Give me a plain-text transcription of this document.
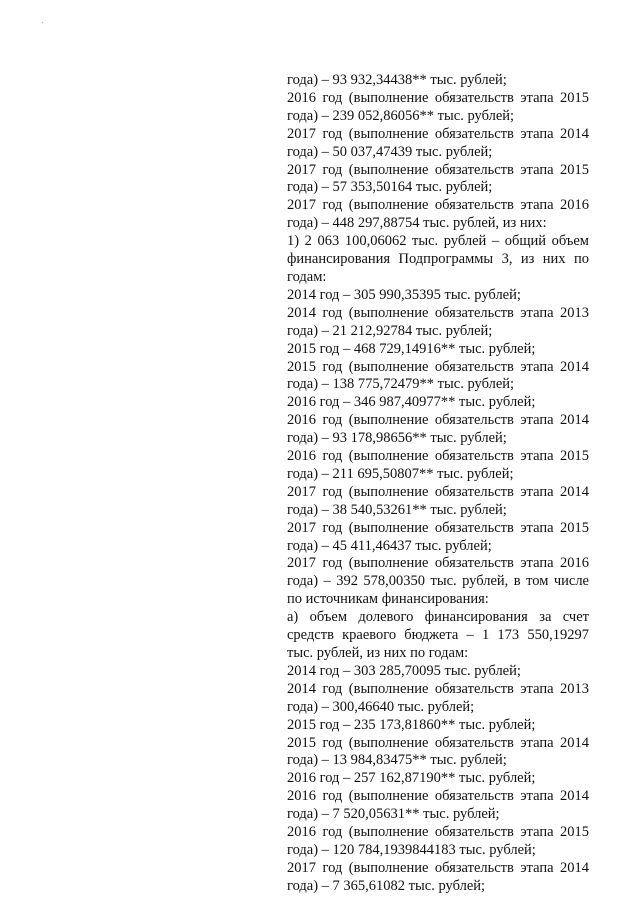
года) – 93 932,34438** тыс. рублей;
2016 год (выполнение обязательств этапа 2015
года) – 239 052,86056** тыс. рублей;
2017 год (выполнение обязательств этапа 2014
года) – 50 037,47439 тыс. рублей;
2017 год (выполнение обязательств этапа 2015
года) – 57 353,50164 тыс. рублей;
2017 год (выполнение обязательств этапа 2016
года) – 448 297,88754 тыс. рублей, из них:
1) 2 063 100,06062 тыс. рублей – общий объем
финансирования Подпрограммы 3, из них по
годам:
2014 год – 305 990,35395 тыс. рублей;
2014 год (выполнение обязательств этапа 2013
года) – 21 212,92784 тыс. рублей;
2015 год – 468 729,14916** тыс. рублей;
2015 год (выполнение обязательств этапа 2014
года) – 138 775,72479** тыс. рублей;
2016 год – 346 987,40977** тыс. рублей;
2016 год (выполнение обязательств этапа 2014
года) – 93 178,98656** тыс. рублей;
2016 год (выполнение обязательств этапа 2015
года) – 211 695,50807** тыс. рублей;
2017 год (выполнение обязательств этапа 2014
года) – 38 540,53261** тыс. рублей;
2017 год (выполнение обязательств этапа 2015
года) – 45 411,46437 тыс. рублей;
2017 год (выполнение обязательств этапа 2016
года) – 392 578,00350 тыс. рублей, в том числе
по источникам финансирования:
а) объем долевого финансирования за счет
средств краевого бюджета – 1 173 550,19297
тыс. рублей, из них по годам:
2014 год – 303 285,70095 тыс. рублей;
2014 год (выполнение обязательств этапа 2013
года) – 300,46640 тыс. рублей;
2015 год – 235 173,81860** тыс. рублей;
2015 год (выполнение обязательств этапа 2014
года) – 13 984,83475** тыс. рублей;
2016 год – 257 162,87190** тыс. рублей;
2016 год (выполнение обязательств этапа 2014
года) – 7 520,05631** тыс. рублей;
2016 год (выполнение обязательств этапа 2015
года) – 120 784,1939844183 тыс. рублей;
2017 год (выполнение обязательств этапа 2014
года) – 7 365,61082 тыс. рублей;
